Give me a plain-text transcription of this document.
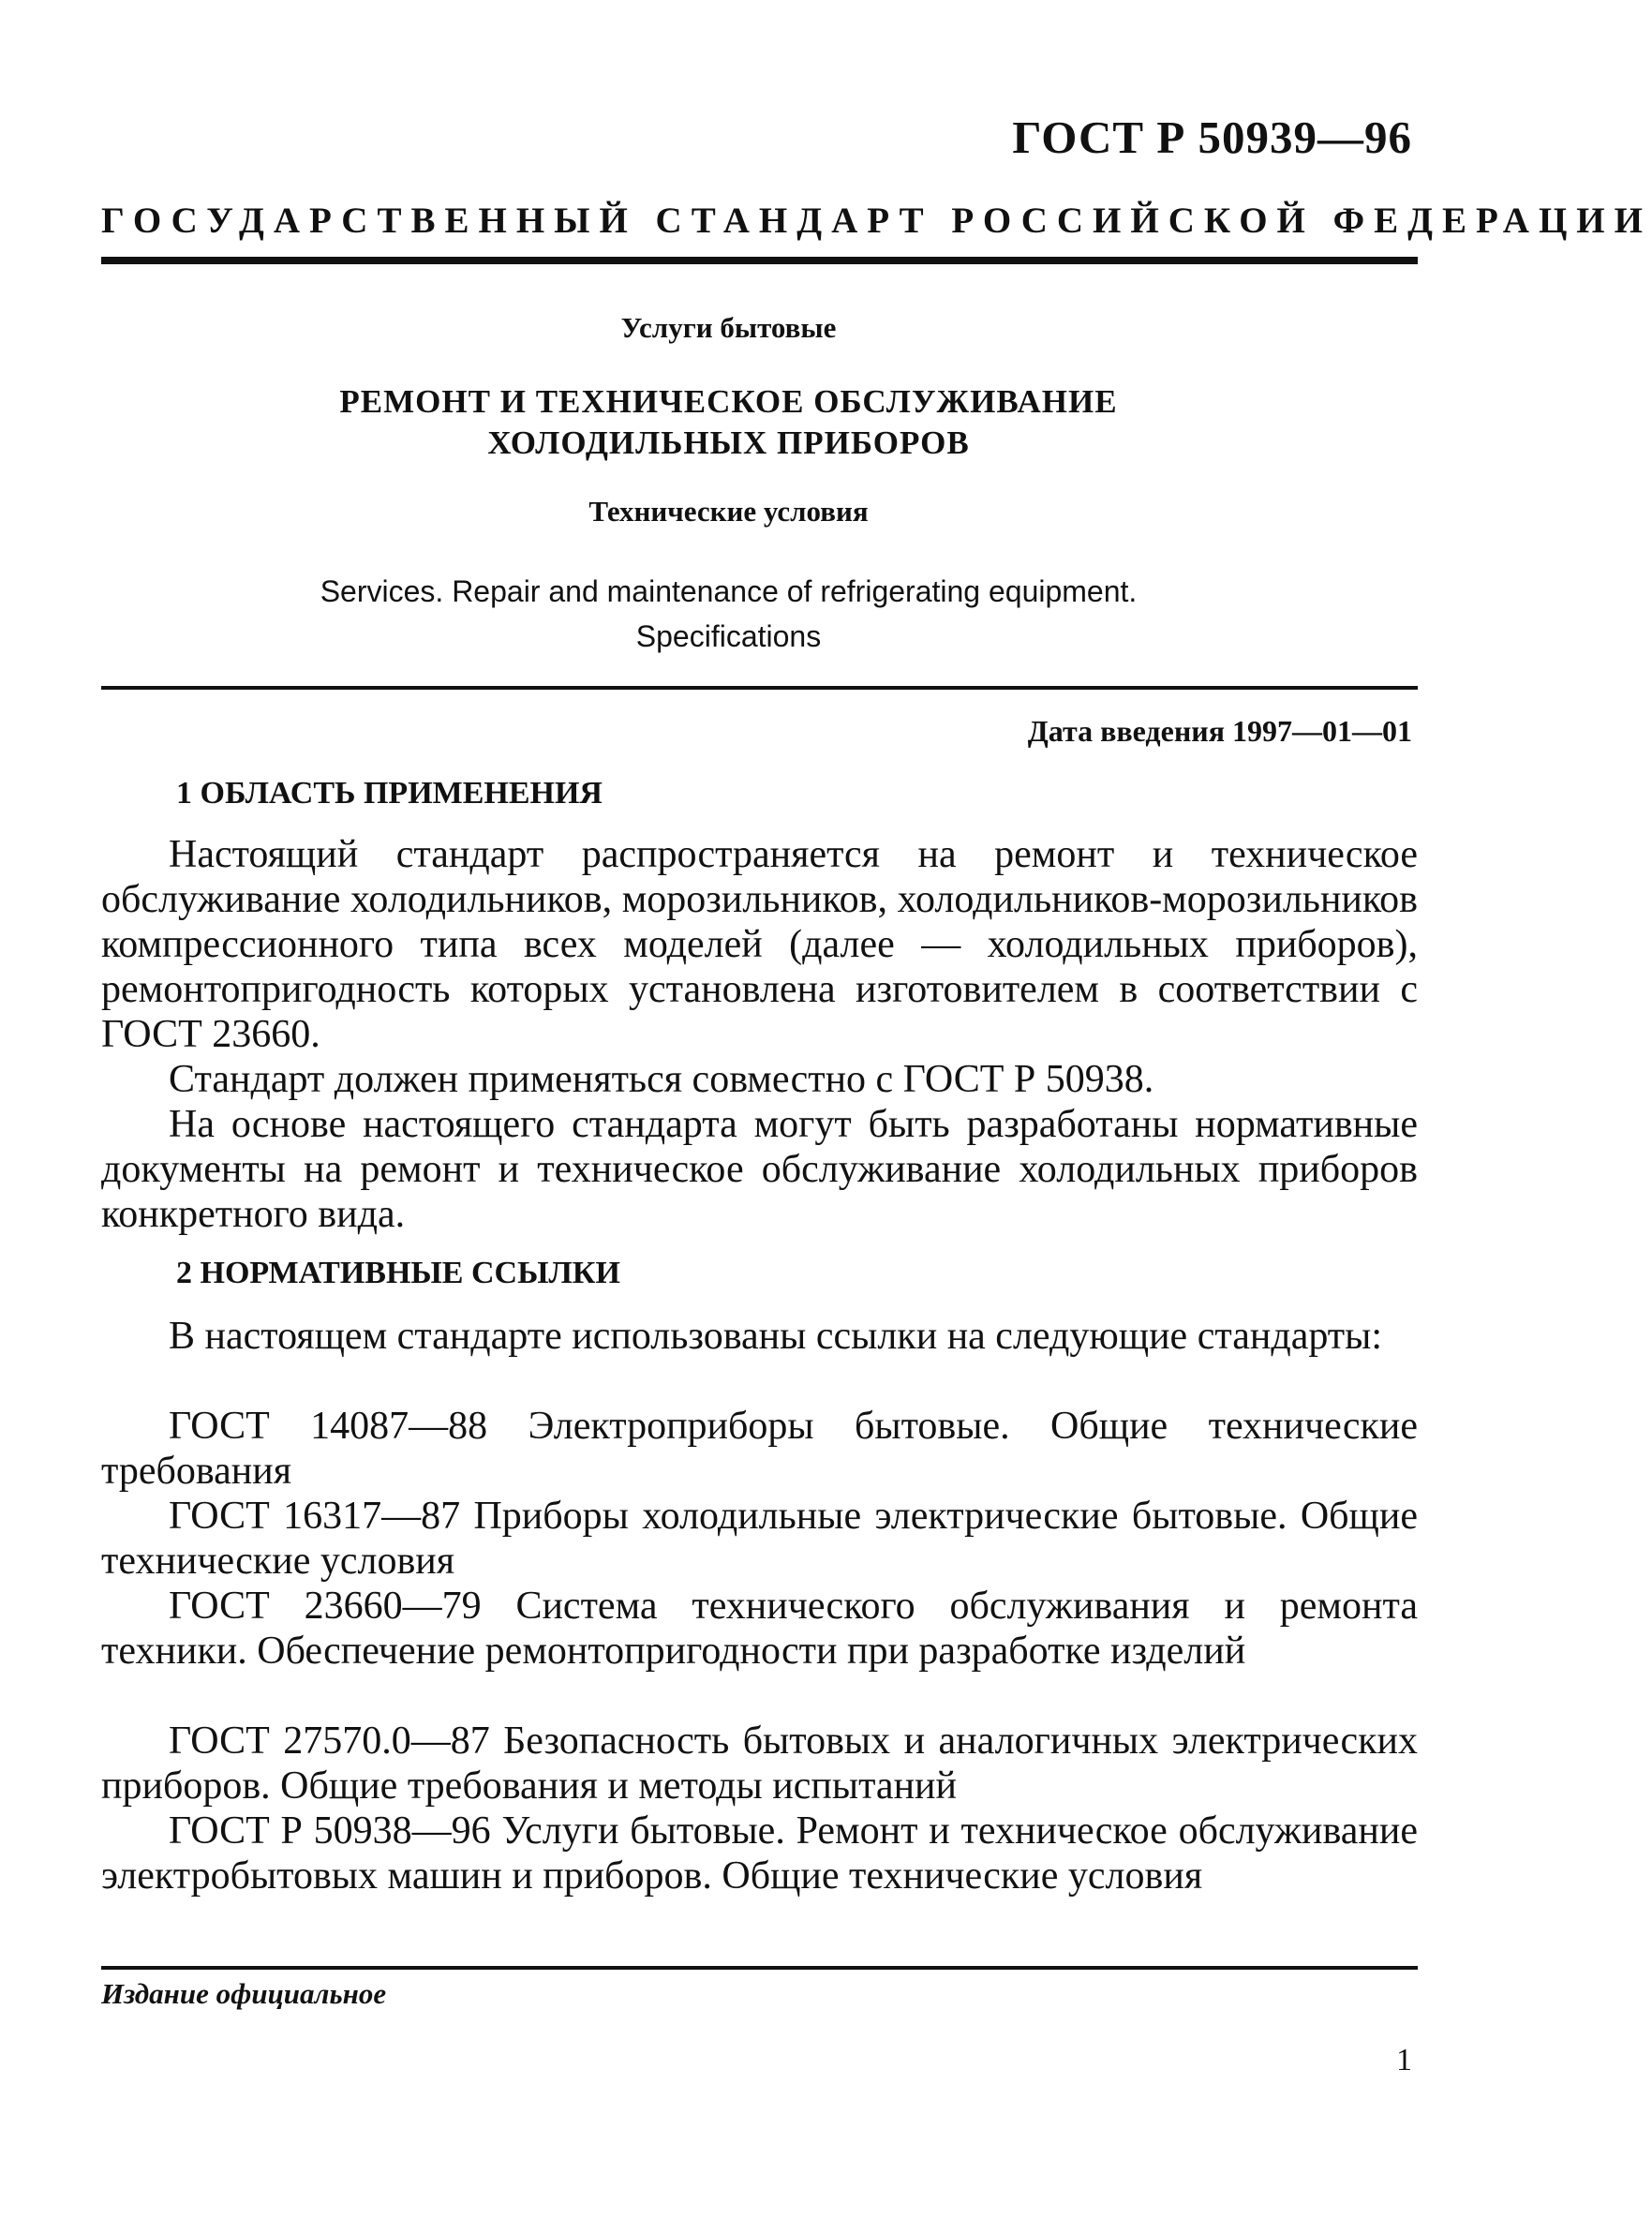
ГОСТ Р 50939—96
ГОСУДАРСТВЕННЫЙ СТАНДАРТ РОССИЙСКОЙ ФЕДЕРАЦИИ
Услуги бытовые
РЕМОНТ И ТЕХНИЧЕСКОЕ ОБСЛУЖИВАНИЕ
ХОЛОДИЛЬНЫХ ПРИБОРОВ
Технические условия
Services. Repair and maintenance of refrigerating equipment.
Specifications
Дата введения 1997—01—01
1 ОБЛАСТЬ ПРИМЕНЕНИЯ

Настоящий стандарт распространяется на ремонт и техническое обслуживание холодильников, морозильников, холодильников-морозильников компрессионного типа всех моделей (далее — холодильных приборов), ремонтопригодность которых установлена изготовителем в соответствии с ГОСТ 23660.

Стандарт должен применяться совместно с ГОСТ Р 50938.

На основе настоящего стандарта могут быть разработаны нормативные документы на ремонт и техническое обслуживание холодильных приборов конкретного вида.

2 НОРМАТИВНЫЕ ССЫЛКИ

В настоящем стандарте использованы ссылки на следующие стандарты:

ГОСТ 14087—88 Электроприборы бытовые. Общие технические требования

ГОСТ 16317—87 Приборы холодильные электрические бытовые. Общие технические условия

ГОСТ 23660—79 Система технического обслуживания и ремонта техники. Обеспечение ремонтопригодности при разработке изделий

ГОСТ 27570.0—87 Безопасность бытовых и аналогичных электрических приборов. Общие требования и методы испытаний

ГОСТ Р 50938—96 Услуги бытовые. Ремонт и техническое обслуживание электробытовых машин и приборов. Общие технические условия

Издание официальное
1
